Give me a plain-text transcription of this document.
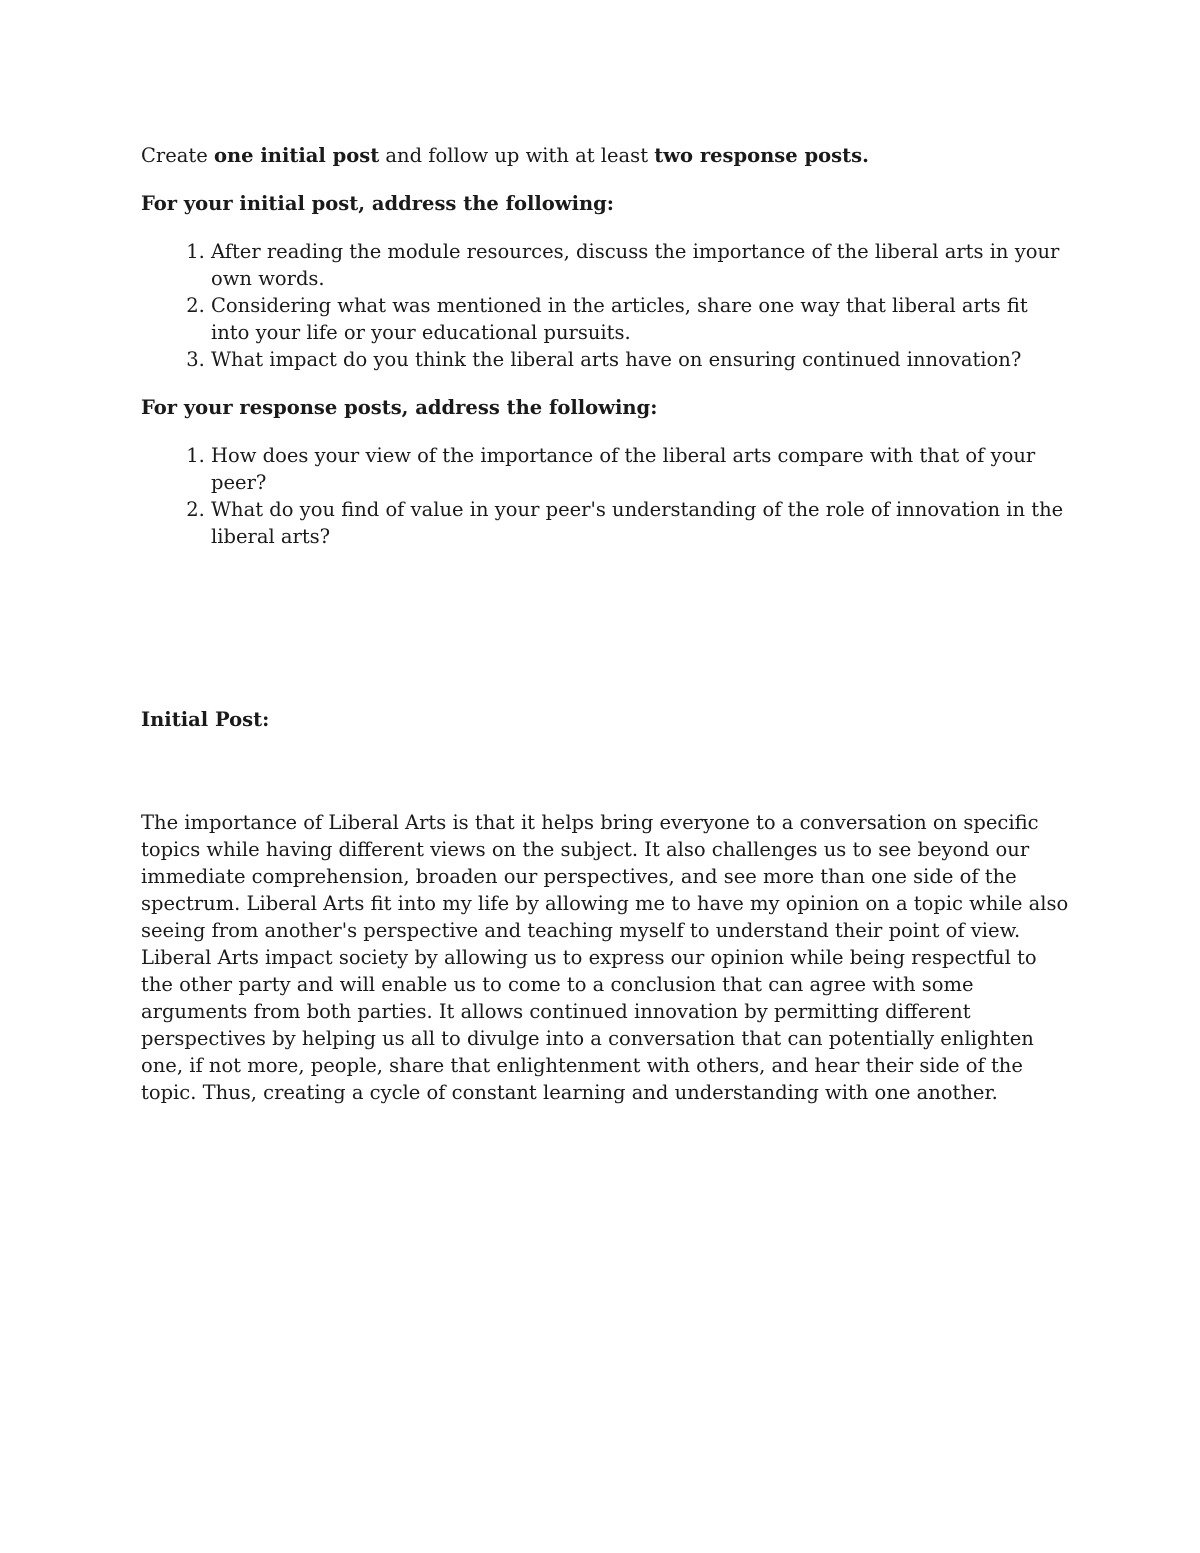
Create one initial post and follow up with at least two response posts.

For your initial post, address the following:

1. After reading the module resources, discuss the importance of the liberal arts in your own words.
2. Considering what was mentioned in the articles, share one way that liberal arts fit into your life or your educational pursuits.
3. What impact do you think the liberal arts have on ensuring continued innovation?

For your response posts, address the following:

1. How does your view of the importance of the liberal arts compare with that of your peer?
2. What do you find of value in your peer's understanding of the role of innovation in the liberal arts?

Initial Post:

The importance of Liberal Arts is that it helps bring everyone to a conversation on specific topics while having different views on the subject. It also challenges us to see beyond our immediate comprehension, broaden our perspectives, and see more than one side of the spectrum. Liberal Arts fit into my life by allowing me to have my opinion on a topic while also seeing from another's perspective and teaching myself to understand their point of view. Liberal Arts impact society by allowing us to express our opinion while being respectful to the other party and will enable us to come to a conclusion that can agree with some arguments from both parties. It allows continued innovation by permitting different perspectives by helping us all to divulge into a conversation that can potentially enlighten one, if not more, people, share that enlightenment with others, and hear their side of the topic. Thus, creating a cycle of constant learning and understanding with one another.
